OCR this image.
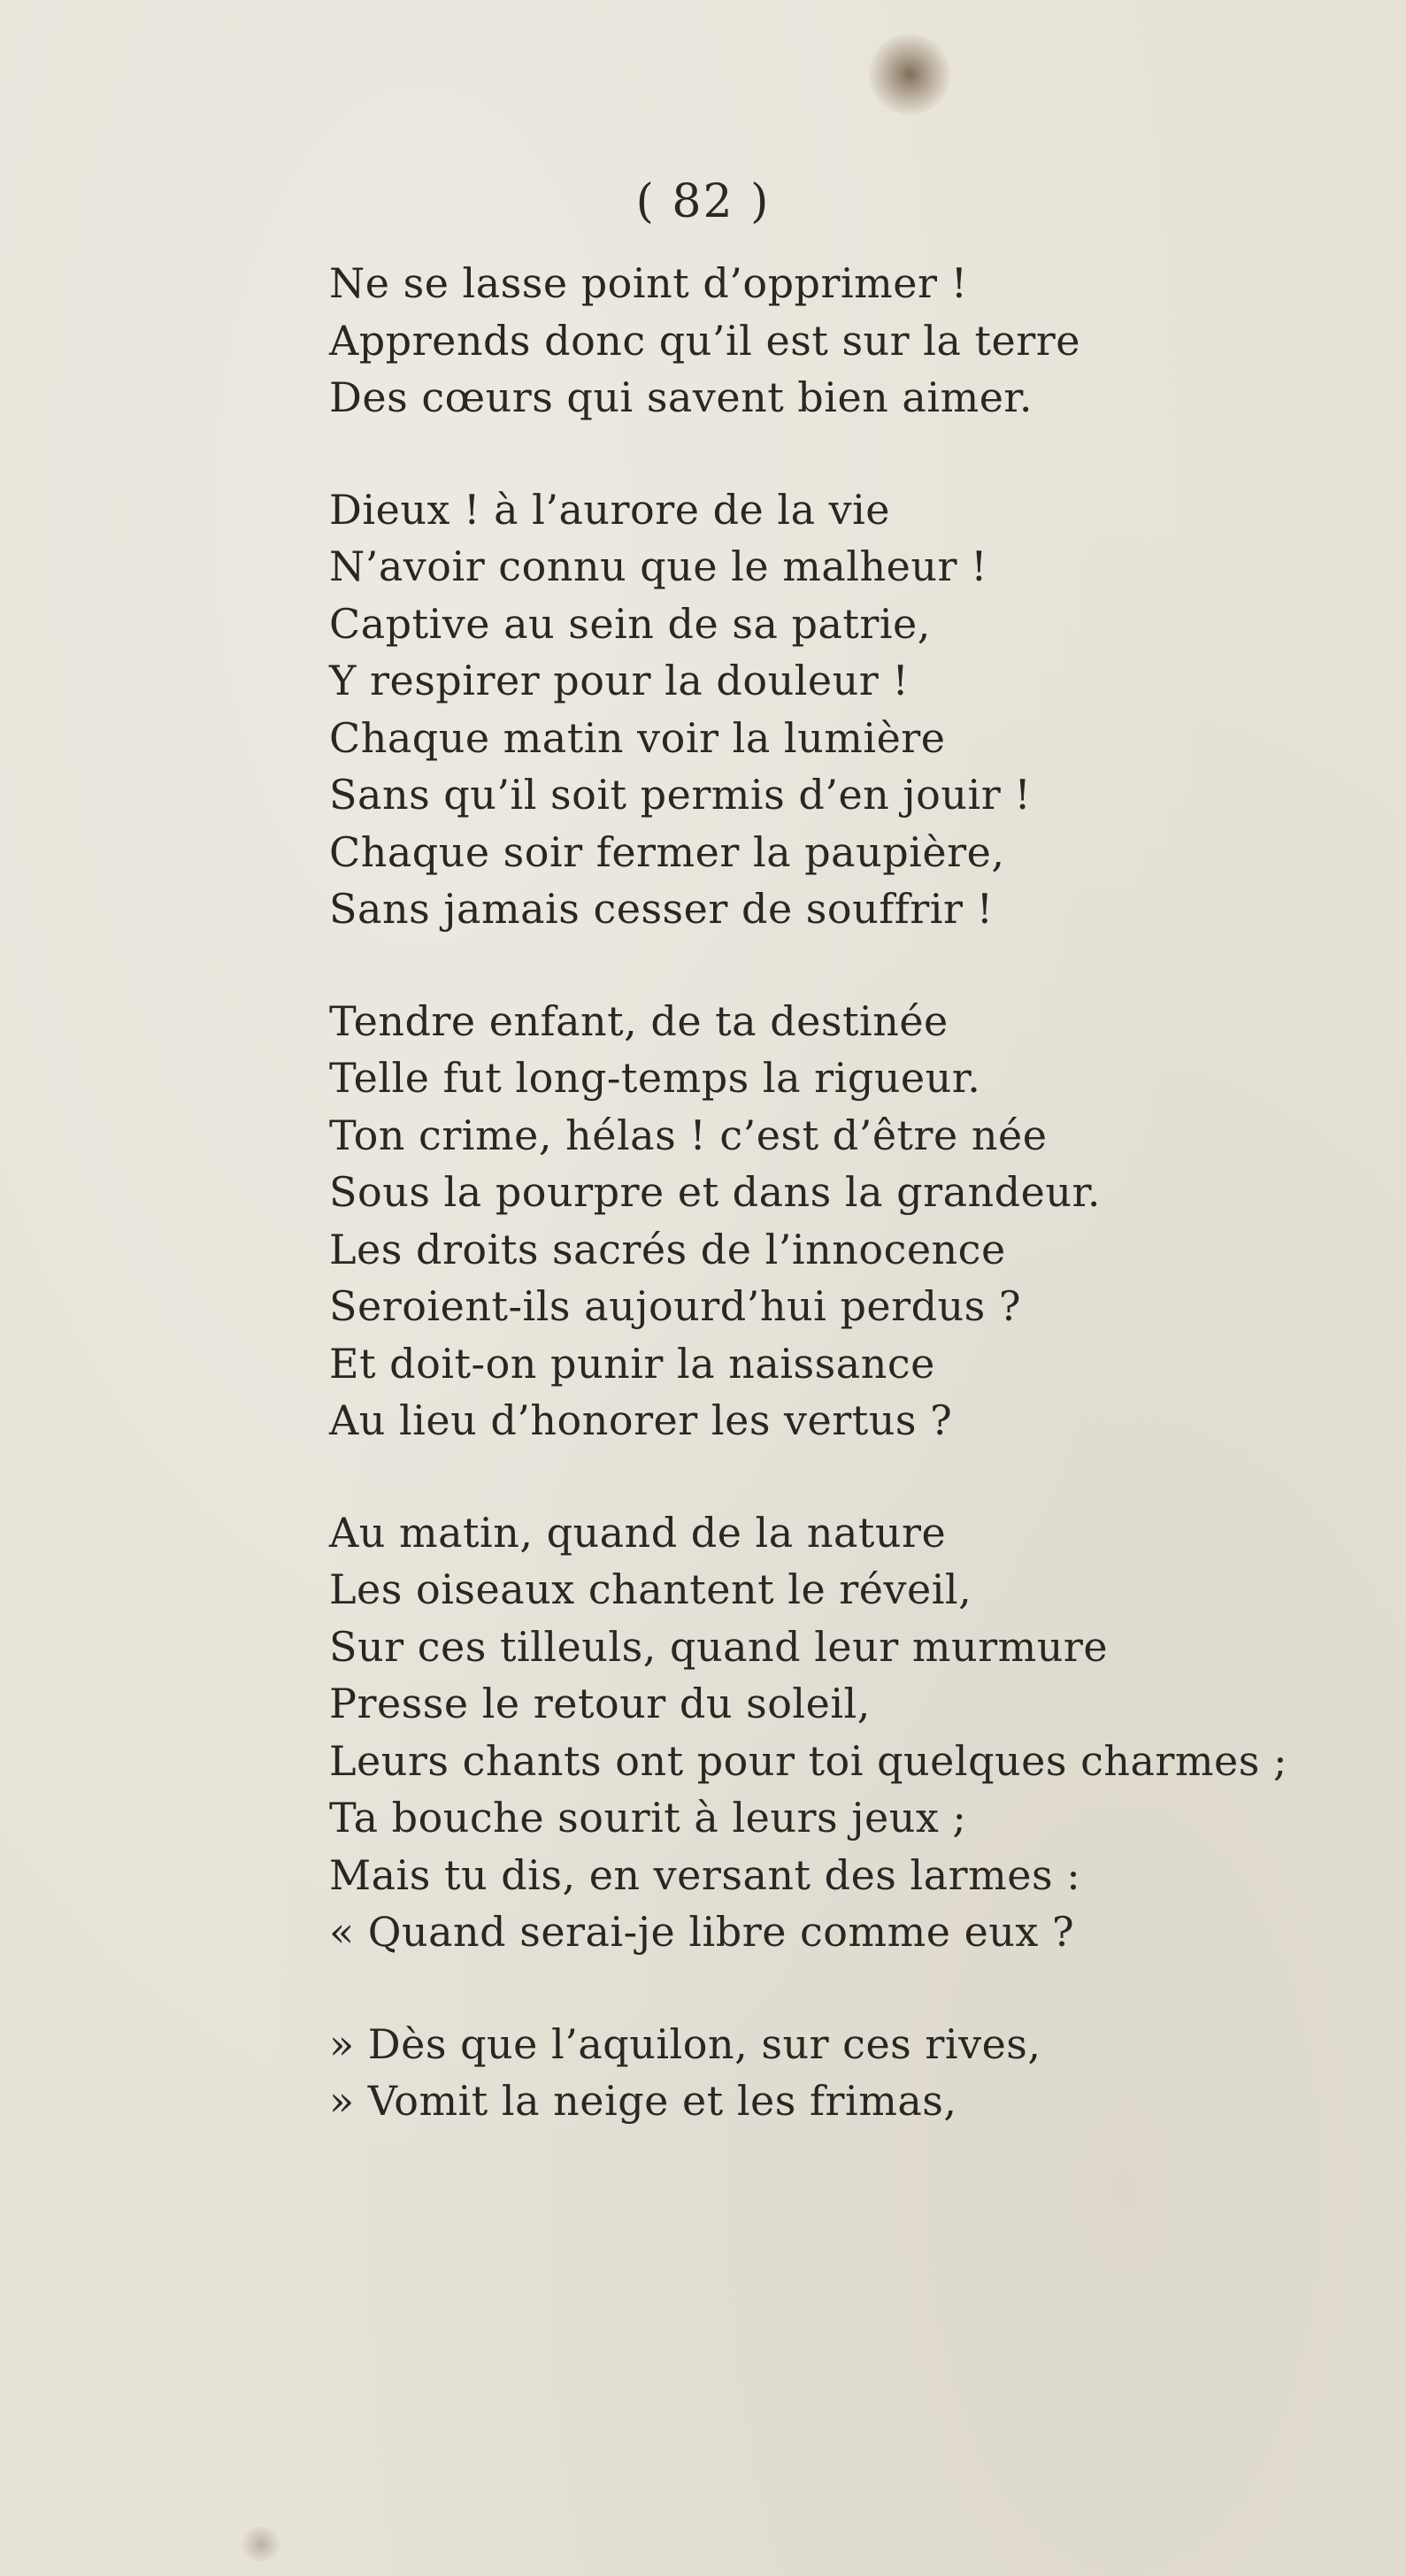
( 82 )
Ne se lasse point d’opprimer !
Apprends donc qu’il est sur la terre
Des cœurs qui savent bien aimer.
Dieux ! à l’aurore de la vie
N’avoir connu que le malheur !
Captive au sein de sa patrie,
Y respirer pour la douleur !
Chaque matin voir la lumière
Sans qu’il soit permis d’en jouir !
Chaque soir fermer la paupière,
Sans jamais cesser de souffrir !
Tendre enfant, de ta destinée
Telle fut long-temps la rigueur.
Ton crime, hélas ! c’est d’être née
Sous la pourpre et dans la grandeur.
Les droits sacrés de l’innocence
Seroient-ils aujourd’hui perdus ?
Et doit-on punir la naissance
Au lieu d’honorer les vertus ?
Au matin, quand de la nature
Les oiseaux chantent le réveil,
Sur ces tilleuls, quand leur murmure
Presse le retour du soleil,
Leurs chants ont pour toi quelques charmes ;
Ta bouche sourit à leurs jeux ;
Mais tu dis, en versant des larmes :
« Quand serai-je libre comme eux ?
» Dès que l’aquilon, sur ces rives,
» Vomit la neige et les frimas,
